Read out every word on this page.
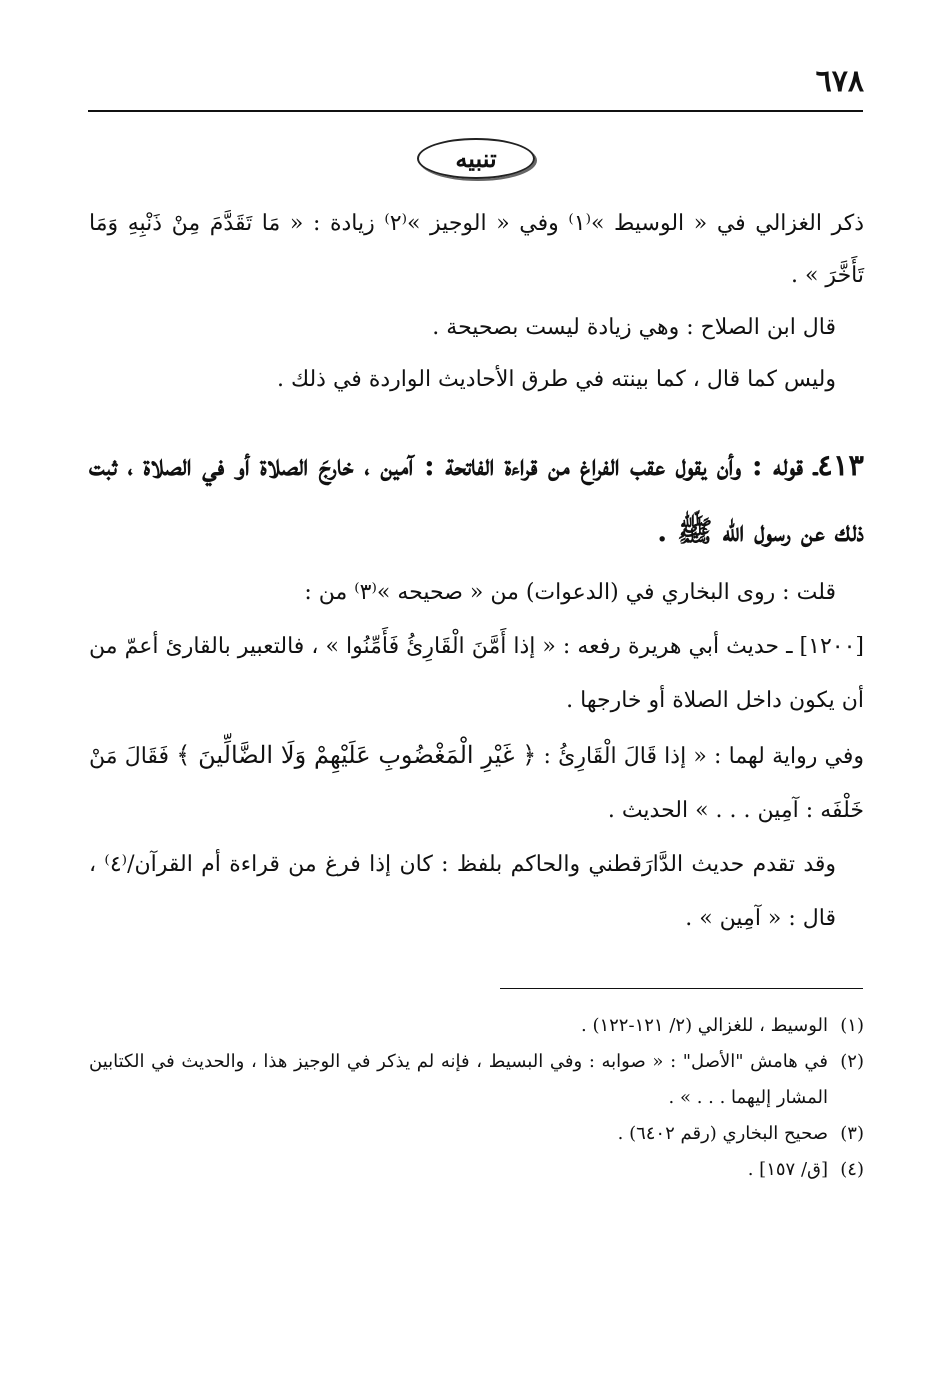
٦٧٨
تنبيه

ذكر الغزالي في « الوسيط »⁽١⁾ وفي « الوجيز »⁽٢⁾ زيادة : « مَا تَقَدَّمَ مِنْ ذَنْبِهِ وَمَا تَأَخَّرَ » .

قال ابن الصلاح : وهي زيادة ليست بصحيحة .

وليس كما قال ، كما بينته في طرق الأحاديث الواردة في ذلك .

٤١٣ـ قوله : وأن يقول عقب الفراغ من قراءة الفاتحة : آمين ، خارجَ الصلاة أو في الصلاة ، ثبت ذلك عن رسول الله ﷺ .

قلت : روى البخاري في (الدعوات) من « صحيحه »⁽٣⁾ من :

[١٢٠٠] ـ حديث أبي هريرة رفعه : « إذا أَمَّنَ الْقَارِئُ فَأَمِّنُوا » ، فالتعبير بالقارئ أعمّ من أن يكون داخل الصلاة أو خارجها .

وفي رواية لهما : « إذا قَالَ الْقَارِئُ : ﴿ غَيْرِ الْمَغْضُوبِ عَلَيْهِمْ وَلَا الضَّالِّينَ ﴾ فَقَالَ مَنْ خَلْفَه : آمِين . . . » الحديث .

وقد تقدم حديث الدَّارَقطني والحاكم بلفظ : كان إذا فرغ من قراءة أم القرآن/⁽٤⁾ ، قال : « آمِين » .

(١)
الوسيط ، للغزالي (٢/ ١٢١-١٢٢) .
(٢)
في هامش "الأصل" : « صوابه : وفي البسيط ، فإنه لم يذكر في الوجيز هذا ، والحديث في الكتابين المشار إليهما . . . » .
(٣)
صحيح البخاري (رقم ٦٤٠٢) .
(٤)
[ق/ ١٥٧] .
